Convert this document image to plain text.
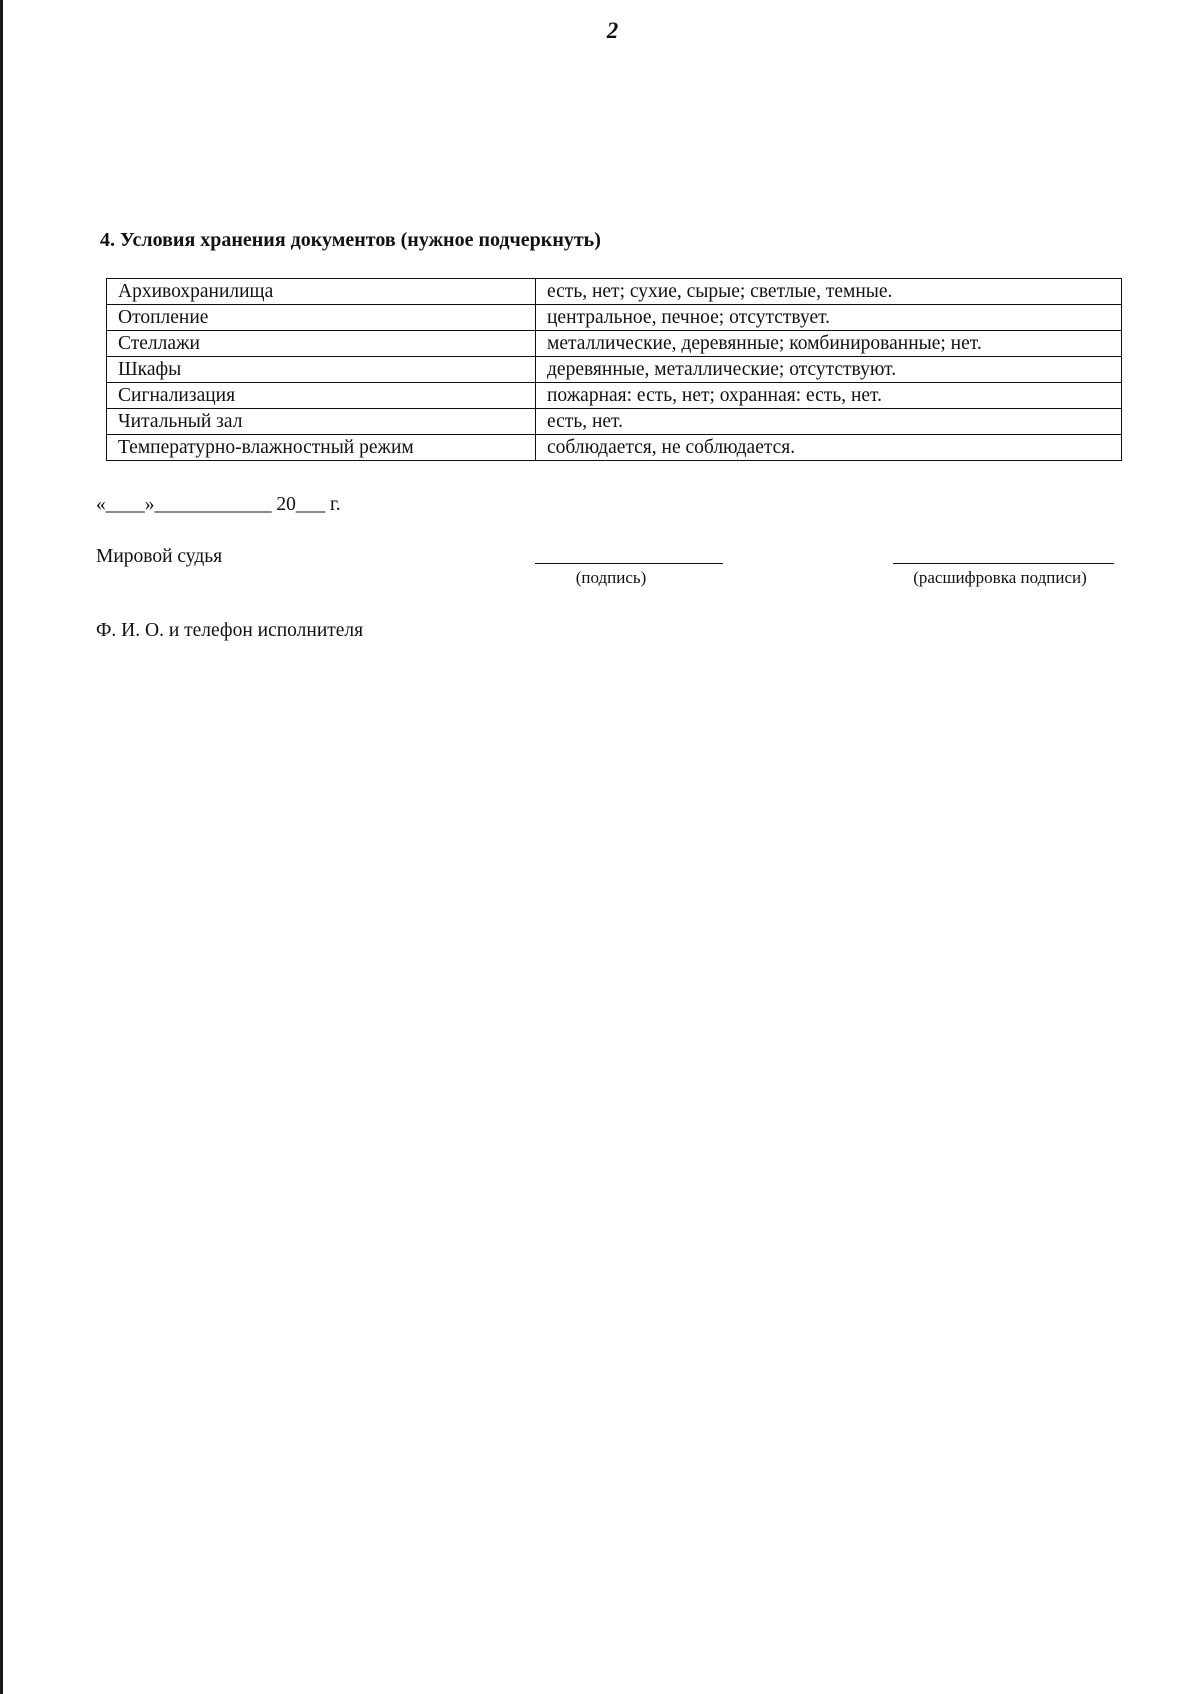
2
4. Условия хранения документов (нужное подчеркнуть)
Архивохранилища	есть, нет; сухие, сырые; светлые, темные.
Отопление	центральное, печное; отсутствует.
Стеллажи	металлические, деревянные; комбинированные; нет.
Шкафы	деревянные, металлические; отсутствуют.
Сигнализация	пожарная: есть, нет; охранная: есть, нет.
Читальный зал	есть, нет.
Температурно-влажностный режим	соблюдается, не соблюдается.
«____»____________ 20___ г.
Мировой судья
(подпись)	(расшифровка подписи)
Ф. И. О. и телефон исполнителя
